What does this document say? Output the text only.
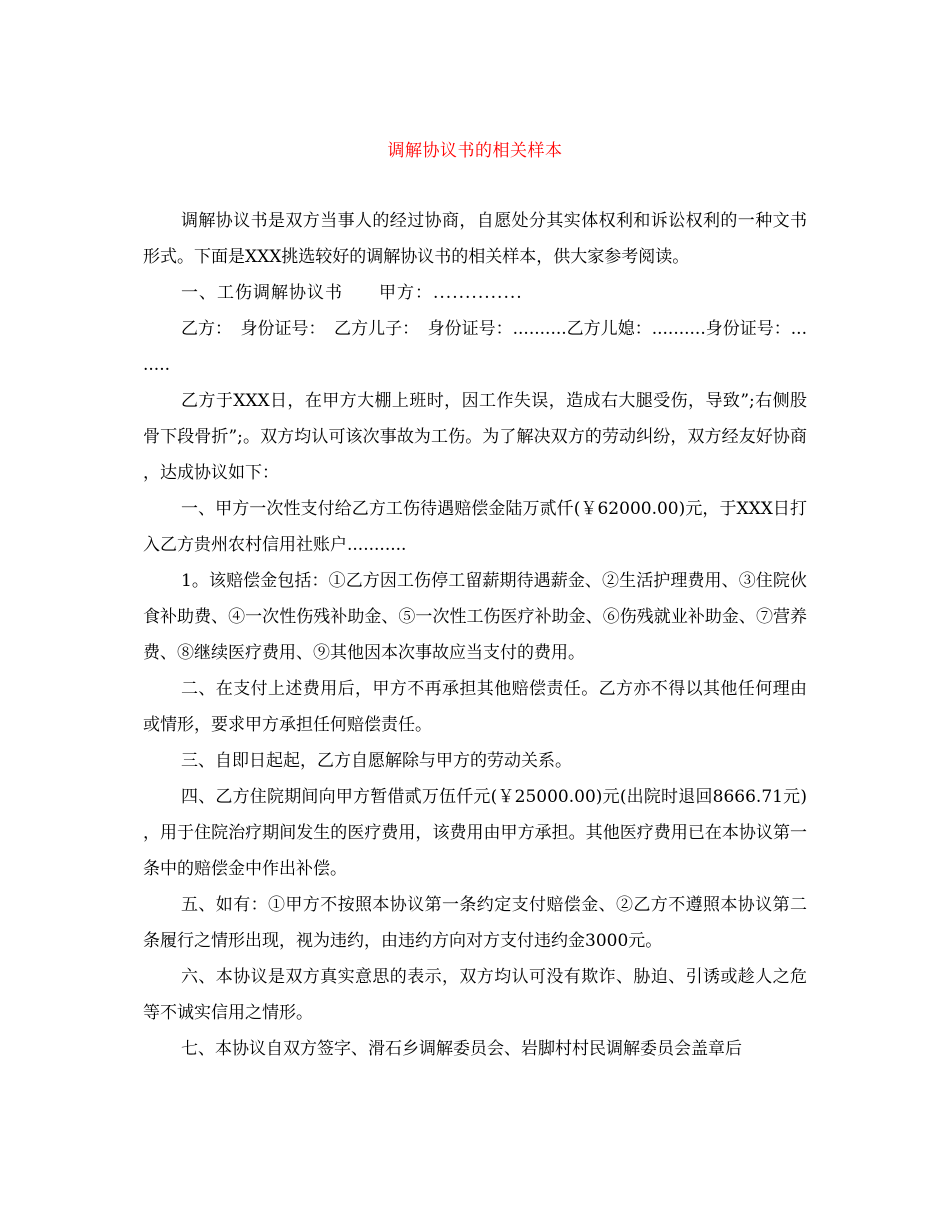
调解协议书的相关样本

调解协议书是双方当事人的经过协商，自愿处分其实体权利和诉讼权利的一种文书形式。下面是XXX挑选较好的调解协议书的相关样本，供大家参考阅读。

一、工伤调解协议书　　甲方：..............

乙方：　身份证号：　乙方儿子：　身份证号：..........乙方儿媳：..........身份证号：........

乙方于XXX日，在甲方大棚上班时，因工作失误，造成右大腿受伤，导致”;右侧股骨下段骨折”;。双方均认可该次事故为工伤。为了解决双方的劳动纠纷，双方经友好协商，达成协议如下：

一、甲方一次性支付给乙方工伤待遇赔偿金陆万贰仟(￥62000.00)元，于XXX日打入乙方贵州农村信用社账户...........

1。该赔偿金包括：①乙方因工伤停工留薪期待遇薪金、②生活护理费用、③住院伙食补助费、④一次性伤残补助金、⑤一次性工伤医疗补助金、⑥伤残就业补助金、⑦营养费、⑧继续医疗费用、⑨其他因本次事故应当支付的费用。

二、在支付上述费用后，甲方不再承担其他赔偿责任。乙方亦不得以其他任何理由或情形，要求甲方承担任何赔偿责任。

三、自即日起起，乙方自愿解除与甲方的劳动关系。

四、乙方住院期间向甲方暂借贰万伍仟元(￥25000.00)元(出院时退回8666.71元)，用于住院治疗期间发生的医疗费用，该费用由甲方承担。其他医疗费用已在本协议第一条中的赔偿金中作出补偿。

五、如有：①甲方不按照本协议第一条约定支付赔偿金、②乙方不遵照本协议第二条履行之情形出现，视为违约，由违约方向对方支付违约金3000元。

六、本协议是双方真实意思的表示，双方均认可没有欺诈、胁迫、引诱或趁人之危等不诚实信用之情形。

七、本协议自双方签字、滑石乡调解委员会、岩脚村村民调解委员会盖章后
